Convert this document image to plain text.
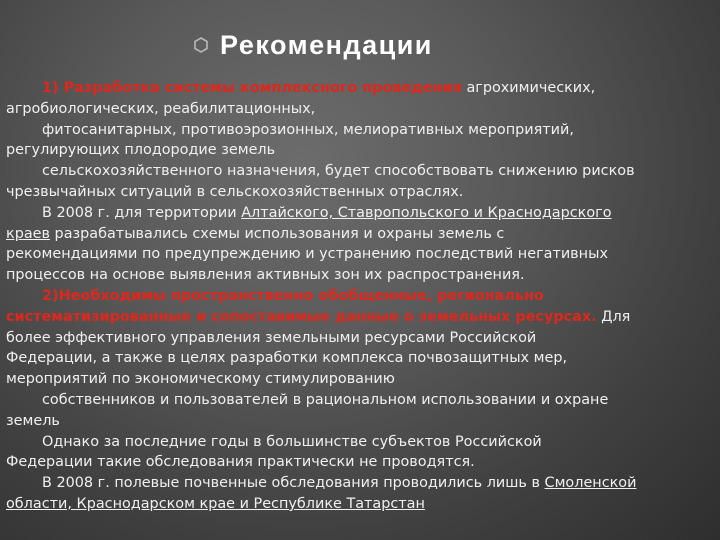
Рекомендации
1) Разработка системы комплексного проведения агрохимических,
агробиологических, реабилитационных,
фитосанитарных, противоэрозионных, мелиоративных мероприятий,
регулирующих плодородие земель
сельскохозяйственного назначения, будет способствовать снижению рисков
чрезвычайных ситуаций в сельскохозяйственных отраслях.
В 2008 г. для территории Алтайского, Ставропольского и Краснодарского
краев разрабатывались схемы использования и охраны земель с
рекомендациями по предупреждению и устранению последствий негативных
процессов на основе выявления активных зон их распространения.
2)Необходимы пространственно обобщенные, регионально
систематизированные и сопоставимые данные о земельных ресурсах. Для
более эффективного управления земельными ресурсами Российской
Федерации, а также в целях разработки комплекса почвозащитных мер,
мероприятий по экономическому стимулированию
собственников и пользователей в рациональном использовании и охране
земель
Однако за последние годы в большинстве субъектов Российской
Федерации такие обследования практически не проводятся.
В 2008 г. полевые почвенные обследования проводились лишь в Смоленской
области, Краснодарском крае и Республике Татарстан
